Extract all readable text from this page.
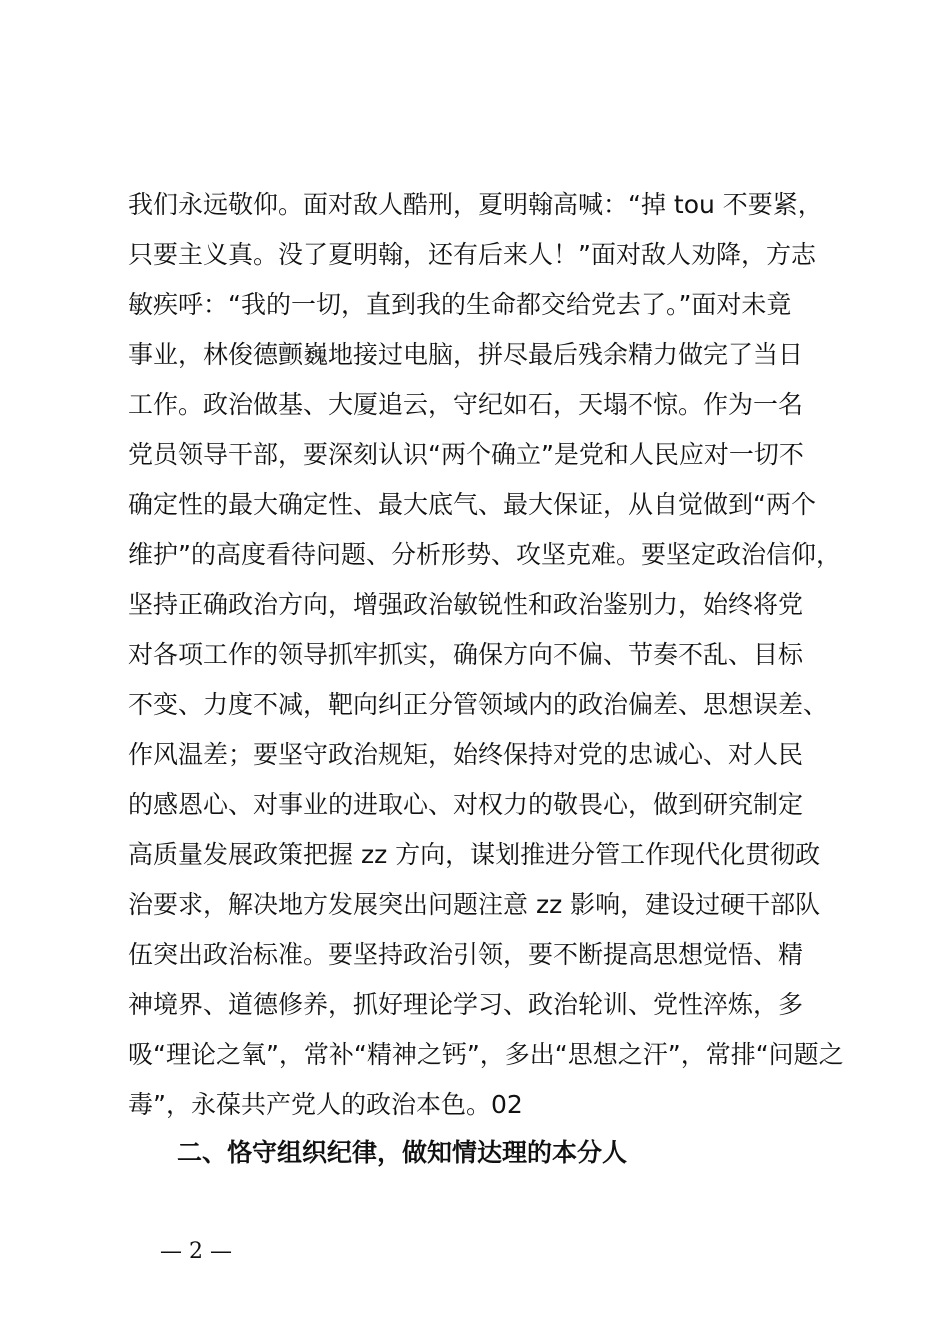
我们永远敬仰。面对敌人酷刑，夏明翰高喊：“掉 tou 不要紧，
只要主义真。没了夏明翰，还有后来人！”面对敌人劝降，方志
敏疾呼：“我的一切，直到我的生命都交给党去了。”面对未竟
事业，林俊德颤巍地接过电脑，拼尽最后残余精力做完了当日
工作。政治做基、大厦追云，守纪如石，天塌不惊。作为一名
党员领导干部，要深刻认识“两个确立”是党和人民应对一切不
确定性的最大确定性、最大底气、最大保证，从自觉做到“两个
维护”的高度看待问题、分析形势、攻坚克难。要坚定政治信仰，
坚持正确政治方向，增强政治敏锐性和政治鉴别力，始终将党
对各项工作的领导抓牢抓实，确保方向不偏、节奏不乱、目标
不变、力度不减，靶向纠正分管领域内的政治偏差、思想误差、
作风温差；要坚守政治规矩，始终保持对党的忠诚心、对人民
的感恩心、对事业的进取心、对权力的敬畏心，做到研究制定
高质量发展政策把握 zz 方向，谋划推进分管工作现代化贯彻政
治要求，解决地方发展突出问题注意 zz 影响，建设过硬干部队
伍突出政治标准。要坚持政治引领，要不断提高思想觉悟、精
神境界、道德修养，抓好理论学习、政治轮训、党性淬炼，多
吸“理论之氧”，常补“精神之钙”，多出“思想之汗”，常排“问题之
毒”，永葆共产党人的政治本色。02
二、恪守组织纪律，做知情达理的本分人
— 2 —
